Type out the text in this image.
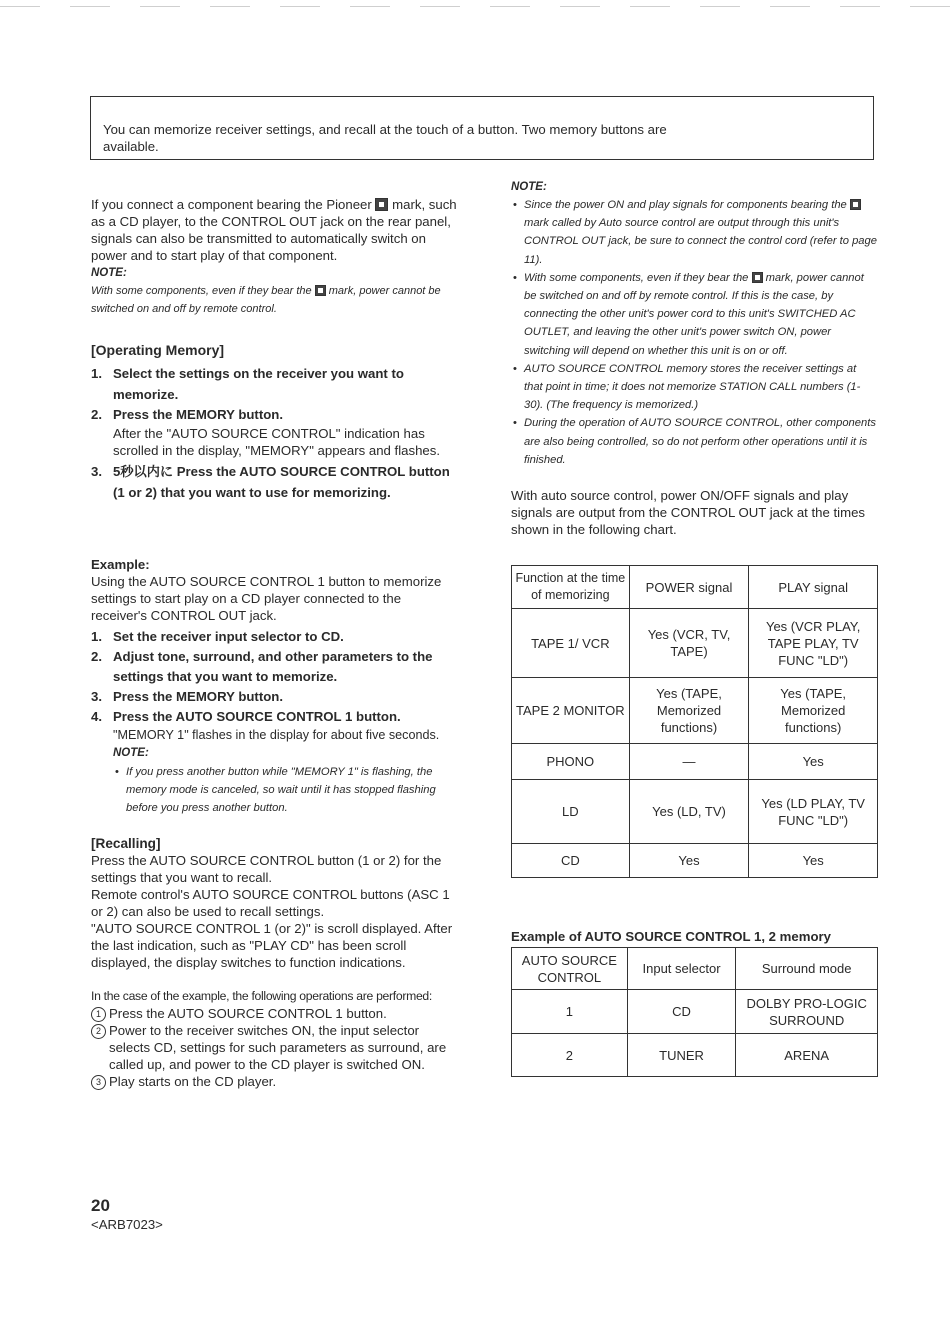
You can memorize receiver settings, and recall at the touch of a button. Two memory buttons are available.

If you connect a component bearing the Pioneer mark, such as a CD player, to the CONTROL OUT jack on the rear panel, signals can also be transmitted to automatically switch on power and to start play of that component.

NOTE:

With some components, even if they bear the mark, power cannot be switched on and off by remote control.

[Operating Memory]

1. Select the settings on the receiver you want to memorize.
2. Press the MEMORY button.

After the "AUTO SOURCE CONTROL" indication has scrolled in the display, "MEMORY" appears and flashes.

3. 5秒以内に Press the AUTO SOURCE CONTROL button (1 or 2) that you want to use for memorizing.

Example:

Using the AUTO SOURCE CONTROL 1 button to memorize settings to start play on a CD player connected to the receiver's CONTROL OUT jack.

1. Set the receiver input selector to CD.
2. Adjust tone, surround, and other parameters to the settings that you want to memorize.
3. Press the MEMORY button.
4. Press the AUTO SOURCE CONTROL 1 button.

"MEMORY 1" flashes in the display for about five seconds.

NOTE:

• If you press another button while "MEMORY 1" is flashing, the memory mode is canceled, so wait until it has stopped flashing before you press another button.

[Recalling]

Press the AUTO SOURCE CONTROL button (1 or 2) for the settings that you want to recall.

Remote control's AUTO SOURCE CONTROL buttons (ASC 1 or 2) can also be used to recall settings.

"AUTO SOURCE CONTROL 1 (or 2)" is scroll displayed. After the last indication, such as "PLAY CD" has been scroll displayed, the display switches to function indications.

In the case of the example, the following operations are performed:

1 Press the AUTO SOURCE CONTROL 1 button.
2 Power to the receiver switches ON, the input selector selects CD, settings for such parameters as surround, are called up, and power to the CD player is switched ON.
3 Play starts on the CD player.

NOTE:

• Since the power ON and play signals for components bearing the  mark called by Auto source control are output through this unit's CONTROL OUT jack, be sure to connect the control cord (refer to page 11).
• With some components, even if they bear the mark, power cannot be switched on and off by remote control. If this is the case, by connecting the other unit's power cord to this unit's SWITCHED AC OUTLET, and leaving the other unit's power switch ON, power switching will depend on whether this unit is on or off.
• AUTO SOURCE CONTROL memory stores the receiver settings at that point in time; it does not memorize STATION CALL numbers (1-30). (The frequency is memorized.)
• During the operation of AUTO SOURCE CONTROL, other components are also being controlled, so do not perform other operations until it is finished.

With auto source control, power ON/OFF signals and play signals are output from the CONTROL OUT jack at the times shown in the following chart.

Function at the time of memorizing	POWER signal	PLAY signal
TAPE 1/ VCR	Yes (VCR, TV, TAPE)	Yes (VCR PLAY, TAPE PLAY, TV FUNC "LD")
TAPE 2 MONITOR	Yes (TAPE, Memorized functions)	Yes (TAPE, Memorized functions)
PHONO	—	Yes
LD	Yes (LD, TV)	Yes (LD PLAY, TV FUNC "LD")
CD	Yes	Yes

Example of AUTO SOURCE CONTROL 1, 2 memory

AUTO SOURCE CONTROL	Input selector	Surround mode
1	CD	DOLBY PRO-LOGIC SURROUND
2	TUNER	ARENA

20

<ARB7023>
